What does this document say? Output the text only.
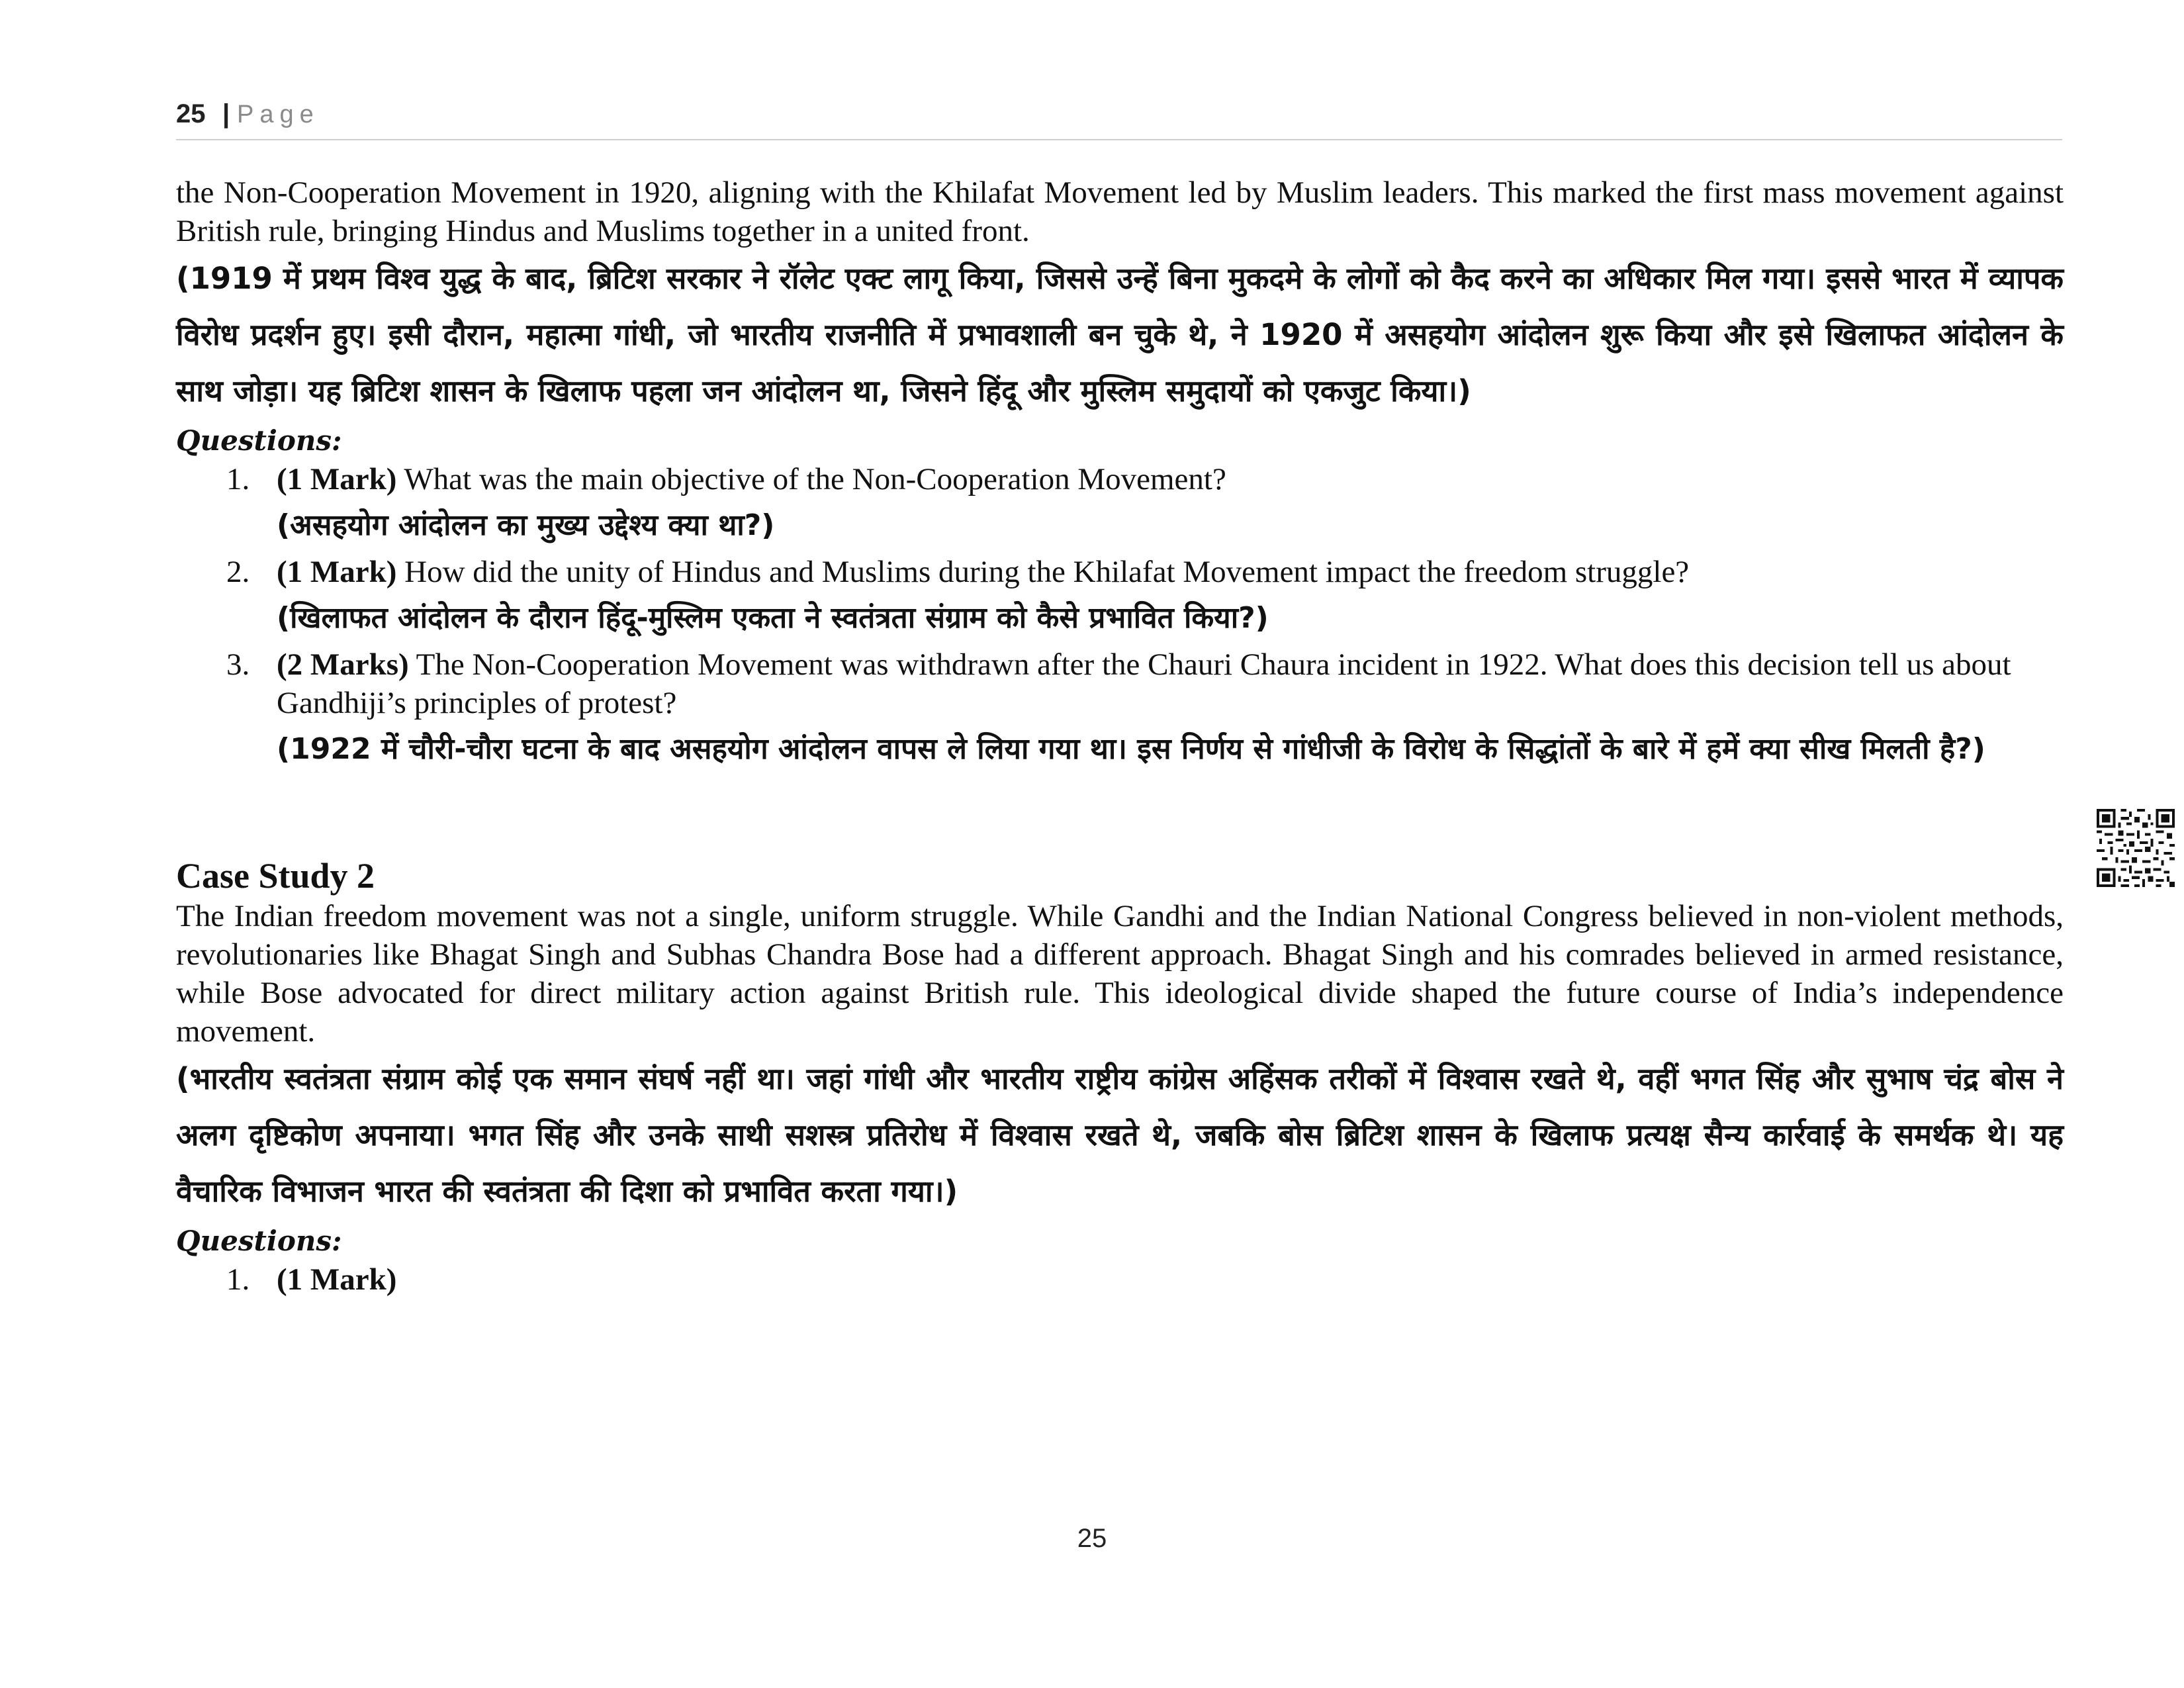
25 | Page

the Non-Cooperation Movement in 1920, aligning with the Khilafat Movement led by Muslim leaders. This marked the first mass movement against British rule, bringing Hindus and Muslims together in a united front.

(1919 में प्रथम विश्व युद्ध के बाद, ब्रिटिश सरकार ने रॉलेट एक्ट लागू किया, जिससे उन्हें बिना मुकदमे के लोगों को कैद करने का अधिकार मिल गया। इससे भारत में व्यापक विरोध प्रदर्शन हुए। इसी दौरान, महात्मा गांधी, जो भारतीय राजनीति में प्रभावशाली बन चुके थे, ने 1920 में असहयोग आंदोलन शुरू किया और इसे खिलाफत आंदोलन के साथ जोड़ा। यह ब्रिटिश शासन के खिलाफ पहला जन आंदोलन था, जिसने हिंदू और मुस्लिम समुदायों को एकजुट किया।)

Questions:

1. (1 Mark) What was the main objective of the Non-Cooperation Movement?

(असहयोग आंदोलन का मुख्य उद्देश्य क्या था?)

2. (1 Mark) How did the unity of Hindus and Muslims during the Khilafat Movement impact the freedom struggle?

(खिलाफत आंदोलन के दौरान हिंदू-मुस्लिम एकता ने स्वतंत्रता संग्राम को कैसे प्रभावित किया?)

3. (2 Marks) The Non-Cooperation Movement was withdrawn after the Chauri Chaura incident in 1922. What does this decision tell us about Gandhiji’s principles of protest?

(1922 में चौरी-चौरा घटना के बाद असहयोग आंदोलन वापस ले लिया गया था। इस निर्णय से गांधीजी के विरोध के सिद्धांतों के बारे में हमें क्या सीख मिलती है?)

Case Study 2

The Indian freedom movement was not a single, uniform struggle. While Gandhi and the Indian National Congress believed in non-violent methods, revolutionaries like Bhagat Singh and Subhas Chandra Bose had a different approach. Bhagat Singh and his comrades believed in armed resistance, while Bose advocated for direct military action against British rule. This ideological divide shaped the future course of India’s independence movement.

(भारतीय स्वतंत्रता संग्राम कोई एक समान संघर्ष नहीं था। जहां गांधी और भारतीय राष्ट्रीय कांग्रेस अहिंसक तरीकों में विश्वास रखते थे, वहीं भगत सिंह और सुभाष चंद्र बोस ने अलग दृष्टिकोण अपनाया। भगत सिंह और उनके साथी सशस्त्र प्रतिरोध में विश्वास रखते थे, जबकि बोस ब्रिटिश शासन के खिलाफ प्रत्यक्ष सैन्य कार्रवाई के समर्थक थे। यह वैचारिक विभाजन भारत की स्वतंत्रता की दिशा को प्रभावित करता गया।)

Questions:

1. (1 Mark)

25
